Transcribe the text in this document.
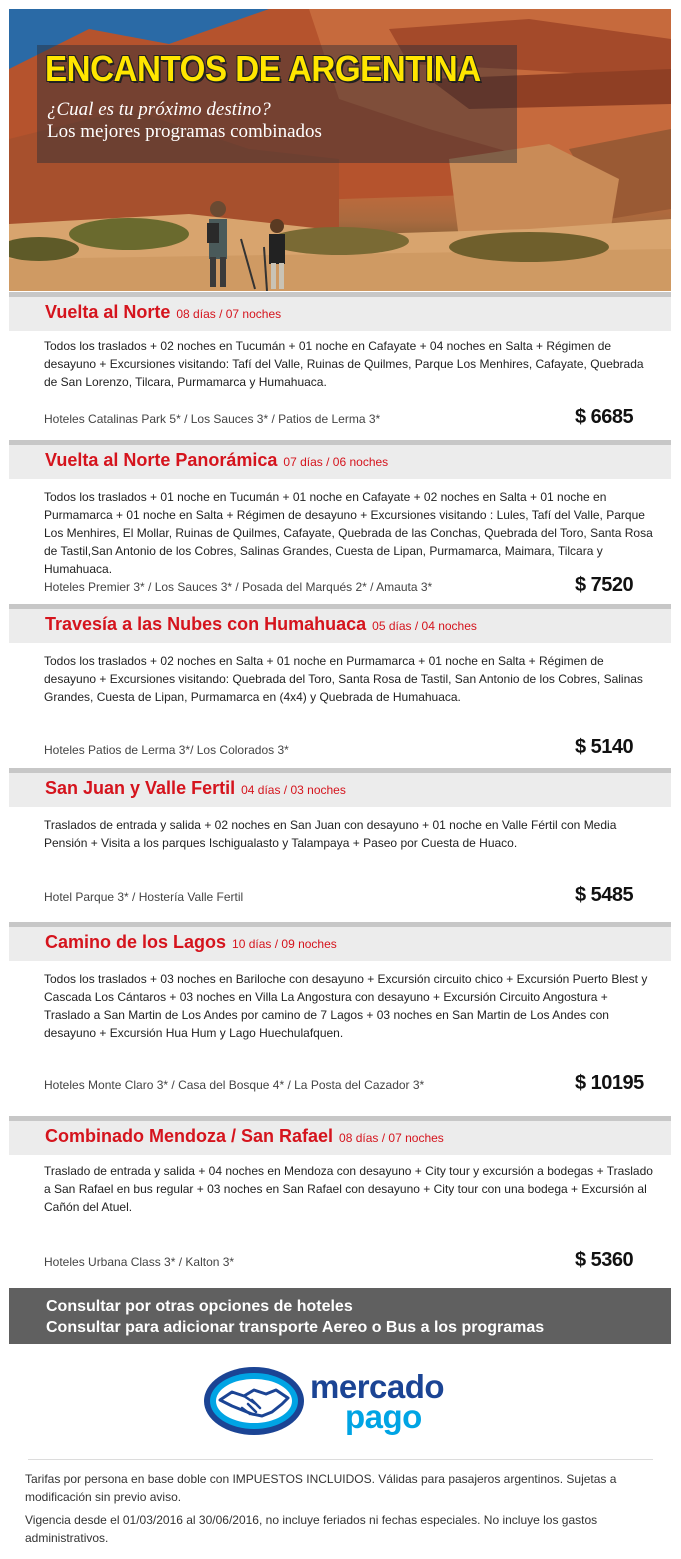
ENCANTOS DE ARGENTINA

¿Cual es tu próximo destino?

Los mejores programas combinados

Vuelta al Norte 08 días / 07 noches
Todos los traslados + 02 noches en Tucumán + 01 noche en Cafayate + 04 noches en Salta + Régimen de desayuno + Excursiones visitando: Tafí del Valle, Ruinas de Quilmes, Parque Los Menhires, Cafayate, Quebrada de San Lorenzo, Tilcara, Purmamarca y Humahuaca.
Hoteles Catalinas Park 5* / Los Sauces 3* / Patios de Lerma 3*	$ 6685
Vuelta al Norte Panorámica 07 días / 06 noches
Todos los traslados + 01 noche en Tucumán + 01 noche en Cafayate + 02 noches en Salta + 01 noche en Purmamarca + 01 noche en Salta + Régimen de desayuno + Excursiones visitando : Lules, Tafí del Valle, Parque Los Menhires, El Mollar, Ruinas de Quilmes, Cafayate, Quebrada de las Conchas, Quebrada del Toro, Santa Rosa de Tastil,San Antonio de los Cobres, Salinas Grandes, Cuesta de Lipan, Purmamarca, Maimara, Tilcara y Humahuaca.
Hoteles Premier 3* / Los Sauces 3* / Posada del Marqués 2* / Amauta 3*	$ 7520
Travesía a las Nubes con Humahuaca 05 días / 04 noches
Todos los traslados + 02 noches en Salta + 01 noche en Purmamarca + 01 noche en Salta + Régimen de desayuno + Excursiones visitando: Quebrada del Toro, Santa Rosa de Tastil, San Antonio de los Cobres, Salinas Grandes, Cuesta de Lipan, Purmamarca en (4x4) y Quebrada de Humahuaca.
Hoteles Patios de Lerma 3*/ Los Colorados 3*	$ 5140
San Juan y Valle Fertil 04 días / 03 noches
Traslados de entrada y salida + 02 noches en San Juan con desayuno + 01 noche en Valle Fértil con Media Pensión + Visita a los parques Ischigualasto y Talampaya + Paseo por Cuesta de Huaco.
Hotel Parque 3* / Hostería Valle Fertil	$ 5485
Camino de los Lagos 10 días / 09 noches
Todos los traslados + 03 noches en Bariloche con desayuno + Excursión circuito chico + Excursión Puerto Blest y Cascada Los Cántaros + 03 noches en Villa La Angostura con desayuno + Excursión Circuito Angostura + Traslado a San Martin de Los Andes por camino de 7 Lagos + 03 noches en San Martin de Los Andes con desayuno + Excursión Hua Hum y Lago Huechulafquen.
Hoteles Monte Claro 3* / Casa del Bosque 4* / La Posta del Cazador 3*	$ 10195
Combinado Mendoza / San Rafael 08 días / 07 noches
Traslado de entrada y salida + 04 noches en Mendoza con desayuno + City tour y excursión a bodegas + Traslado a San Rafael en bus regular + 03 noches en San Rafael con desayuno + City tour con una bodega + Excursión al Cañón del Atuel.
Hoteles Urbana Class 3* / Kalton 3*	$ 5360
Consultar por otras opciones de hoteles
Consultar para adicionar transporte Aereo o Bus a los programas
mercado
pago
Tarifas por persona en base doble con IMPUESTOS INCLUIDOS. Válidas para pasajeros argentinos. Sujetas a modificación sin previo aviso.
Vigencia desde el 01/03/2016 al 30/06/2016, no incluye feriados ni fechas especiales. No incluye los gastos administrativos.
